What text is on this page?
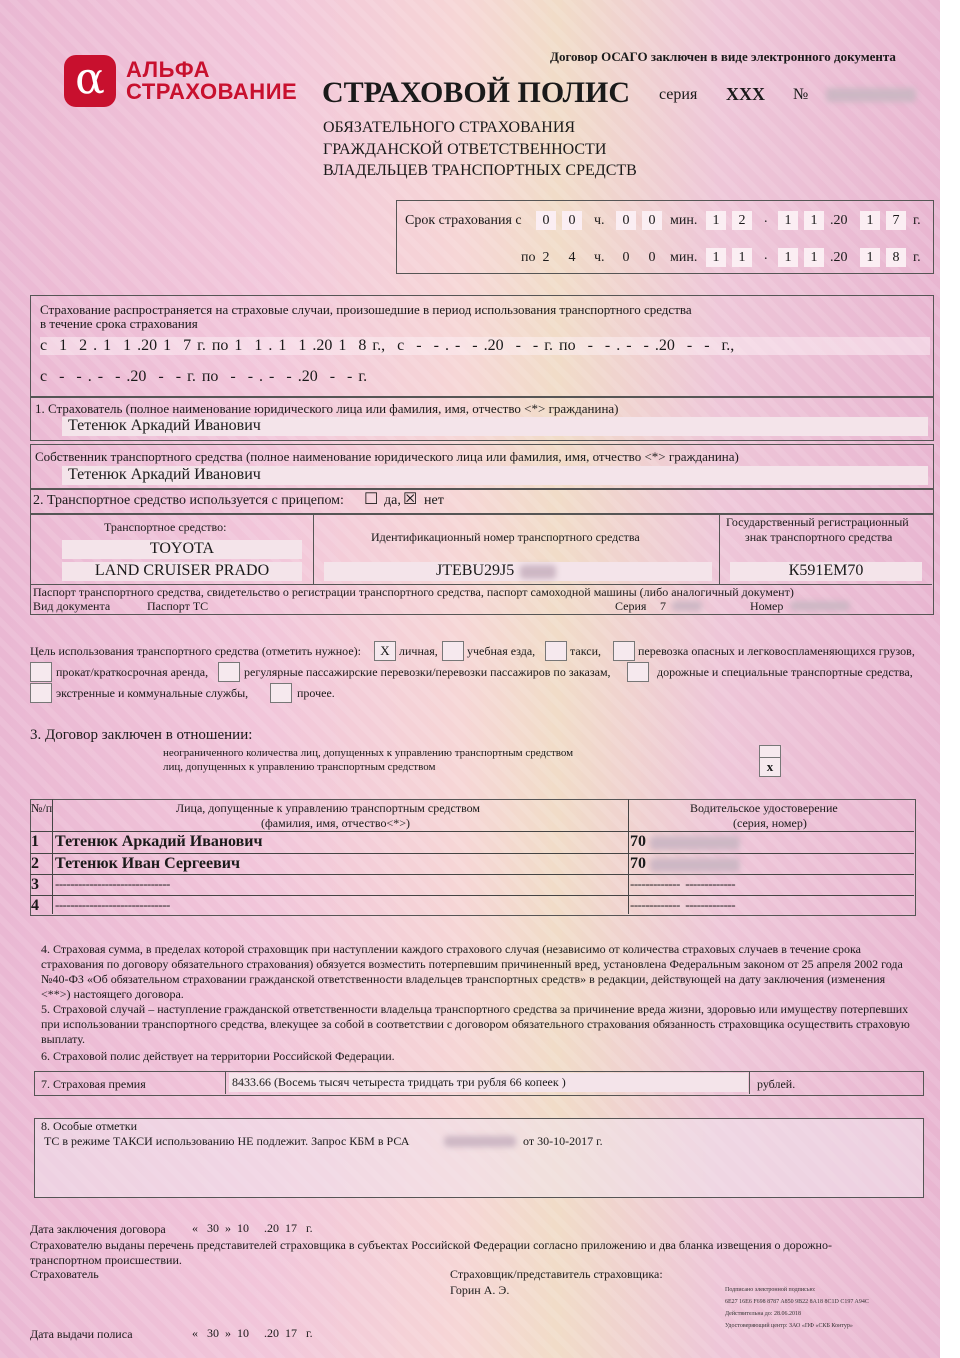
Договор ОСАГО заключен в виде электронного документа
α АЛЬФА
СТРАХОВАНИЕ СТРАХОВОЙ ПОЛИС серия ХХХ №
ОБЯЗАТЕЛЬНОГО СТРАХОВАНИЯ
ГРАЖДАНСКОЙ ОТВЕТСТВЕННОСТИ
ВЛАДЕЛЬЦЕВ ТРАНСПОРТНЫХ СРЕДСТВ
Срок страхования с	0	0	ч.	0	0	мин.	1	2	.	1	1 .20	1	7 г.
по 2	4	ч.	0	0	мин.	1	1	.	1	1 .20	1	8 г.
Страхование распространяется на страховые случаи, произошедшие в период использования транспортного средства
в течение срока страхования
с  1  2 . 1  1 .20 1  7 г. по 1  1 . 1  1 .20 1  8 г.,  с  -  - . -  - .20  -  - г. по  -  - . -  - .20  -  -  г.,
с  -  - . -  - .20  -  - г. по  -  - . -  - .20  -  - г.
1. Страхователь (полное наименование юридического лица или фамилия, имя, отчество <*> гражданина)
Тетенюк Аркадий Иванович
Собственник транспортного средства (полное наименование юридического лица или фамилия, имя, отчество <*> гражданина)
Тетенюк Аркадий Иванович
2. Транспортное средство используется с прицепом: ☐ да, ☒ нет
Транспортное средство:
TOYOTA
LAND CRUISER PRADO
Идентификационный номер транспортного средства
JTEBU29J5
Государственный регистрационный
знак транспортного средства
К591ЕМ70
Паспорт транспортного средства, свидетельство о регистрации транспортного средства, паспорт самоходной машины (либо аналогичный документ)
Вид документа	Паспорт ТС	Серия 7	Номер
Цель использования транспортного средства (отметить нужное):	X личная, учебная езда,	такси,	перевозка опасных и легковоспламеняющихся грузов,
прокат/краткосрочная аренда,	регулярные пассажирские перевозки/перевозки пассажиров по заказам,	дорожные и специальные транспортные средства,
экстренные и коммунальные службы,	прочее.
3. Договор заключен в отношении:
неограниченного количества лиц, допущенных к управлению транспортным средством
лиц, допущенных к управлению транспортным средством	x
№/п	Лица, допущенные к управлению транспортным средством
(фамилия, имя, отчество<*>)
Водительское удостоверение
(серия, номер)
1 Тетенюк Аркадий Иванович	70
2 Тетенюк Иван Сергеевич	70
3 ------------------------------	-------------  -------------
4 ------------------------------	-------------  -------------
4. Страховая сумма, в пределах которой страховщик при наступлении каждого страхового случая (независимо от количества страховых случаев в течение срока страхования по договору обязательного страхования) обязуется возместить потерпевшим причиненный вред, установлена Федеральным законом от 25 апреля 2002 года №40-ФЗ «Об обязательном страховании гражданской ответственности владельцев транспортных средств» в редакции, действующей на дату заключения (изменения <**>) настоящего договора.
5. Страховой случай – наступление гражданской ответственности владельца транспортного средства за причинение вреда жизни, здоровью или имуществу потерпевших при использовании транспортного средства, влекущее за собой в соответствии с договором обязательного страхования обязанность страховщика осуществить страховую выплату.
6. Страховой полис действует на территории Российской Федерации.
7. Страховая премия	8433.66 (Восемь тысяч четыреста тридцать три рубля 66 копеек )	рублей.
8. Особые отметки
ТС в режиме ТАКСИ использованию НЕ подлежит. Запрос КБМ в РСА	от 30-10-2017 г.
Дата заключения договора «   30  »  10     .20  17   г.
Страхователю выданы перечень представителей страховщика в субъектах Российской Федерации согласно приложению и два бланка извещения о дорожно-транспортном происшествии.
Страхователь	Страховщик/представитель страховщика:
Горин А. Э.	Подписано электронной подписью:
6E27 16E6 F698 8787 A850 9B22 8A18 8C1D C197 A94C
Действительна до: 28.06.2018
Удостоверяющий центр: ЗАО «ПФ «СКБ Контур»
Дата выдачи полиса	«   30  »  10     .20  17   г.
